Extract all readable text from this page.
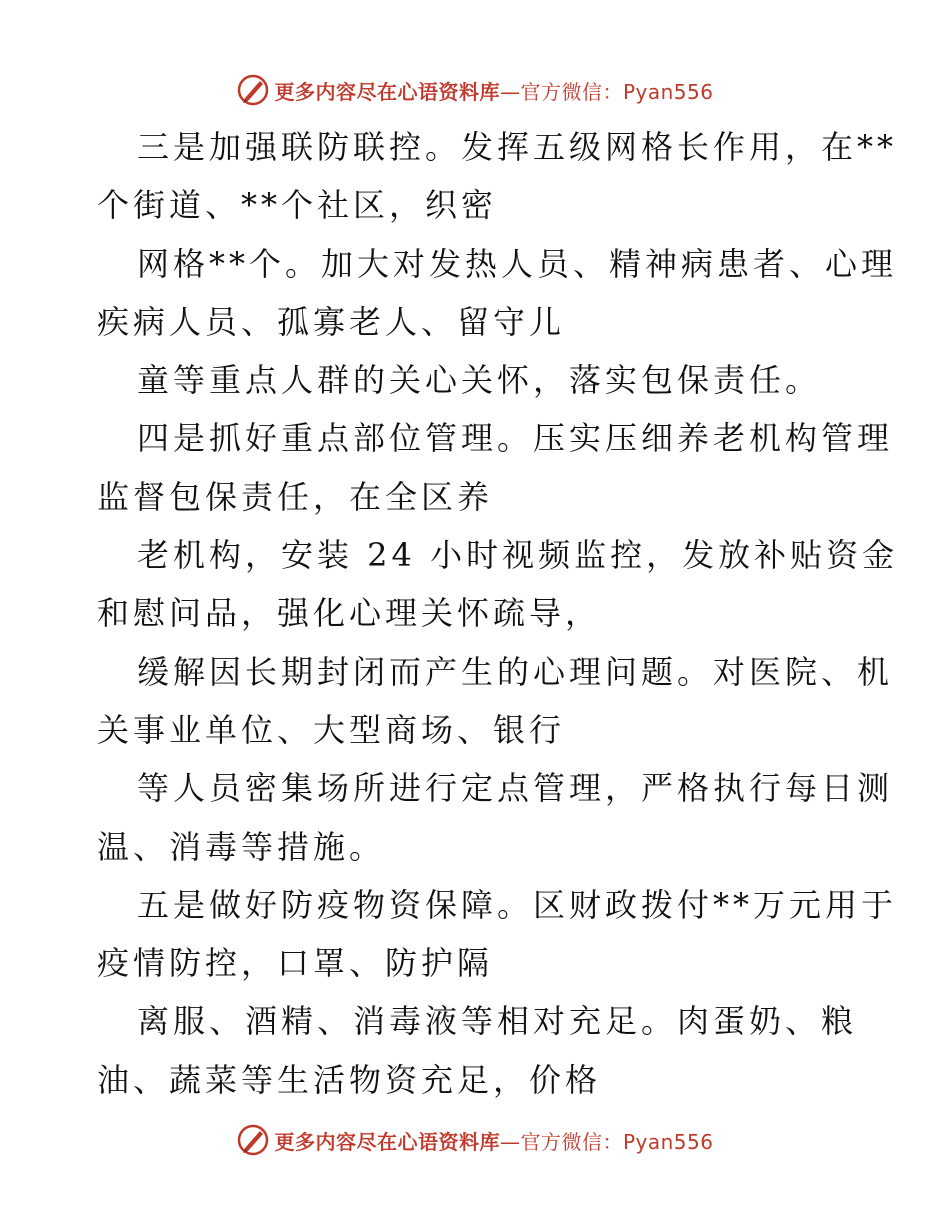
更多内容尽在心语资料库—官方微信：Pyan556
三是加强联防联控。发挥五级网格长作用，在**
个街道、**个社区，织密
网格**个。加大对发热人员、精神病患者、心理
疾病人员、孤寡老人、留守儿
童等重点人群的关心关怀，落实包保责任。
四是抓好重点部位管理。压实压细养老机构管理
监督包保责任，在全区养
老机构，安装 24 小时视频监控，发放补贴资金
和慰问品，强化心理关怀疏导，
缓解因长期封闭而产生的心理问题。对医院、机
关事业单位、大型商场、银行
等人员密集场所进行定点管理，严格执行每日测
温、消毒等措施。
五是做好防疫物资保障。区财政拨付**万元用于
疫情防控，口罩、防护隔
离服、酒精、消毒液等相对充足。肉蛋奶、粮
油、蔬菜等生活物资充足，价格
更多内容尽在心语资料库—官方微信：Pyan556
